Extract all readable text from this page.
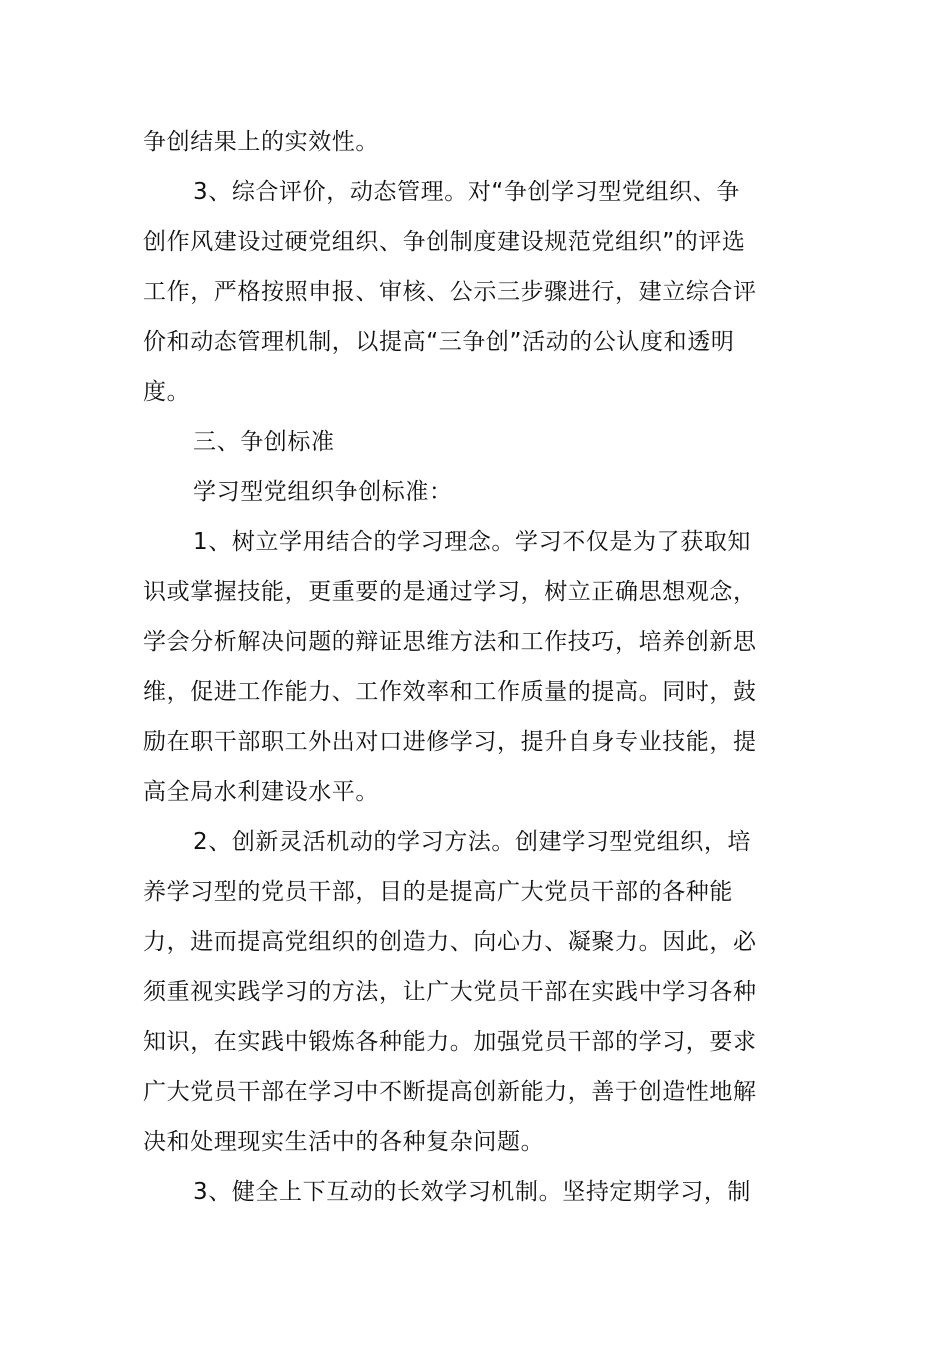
争创结果上的实效性。
3、综合评价，动态管理。对“争创学习型党组织、争
创作风建设过硬党组织、争创制度建设规范党组织”的评选
工作，严格按照申报、审核、公示三步骤进行，建立综合评
价和动态管理机制，以提高“三争创”活动的公认度和透明
度。
三、争创标准
学习型党组织争创标准：
1、树立学用结合的学习理念。学习不仅是为了获取知
识或掌握技能，更重要的是通过学习，树立正确思想观念，
学会分析解决问题的辩证思维方法和工作技巧，培养创新思
维，促进工作能力、工作效率和工作质量的提高。同时，鼓
励在职干部职工外出对口进修学习，提升自身专业技能，提
高全局水利建设水平。
2、创新灵活机动的学习方法。创建学习型党组织，培
养学习型的党员干部，目的是提高广大党员干部的各种能
力，进而提高党组织的创造力、向心力、凝聚力。因此，必
须重视实践学习的方法，让广大党员干部在实践中学习各种
知识，在实践中锻炼各种能力。加强党员干部的学习，要求
广大党员干部在学习中不断提高创新能力，善于创造性地解
决和处理现实生活中的各种复杂问题。
3、健全上下互动的长效学习机制。坚持定期学习，制
